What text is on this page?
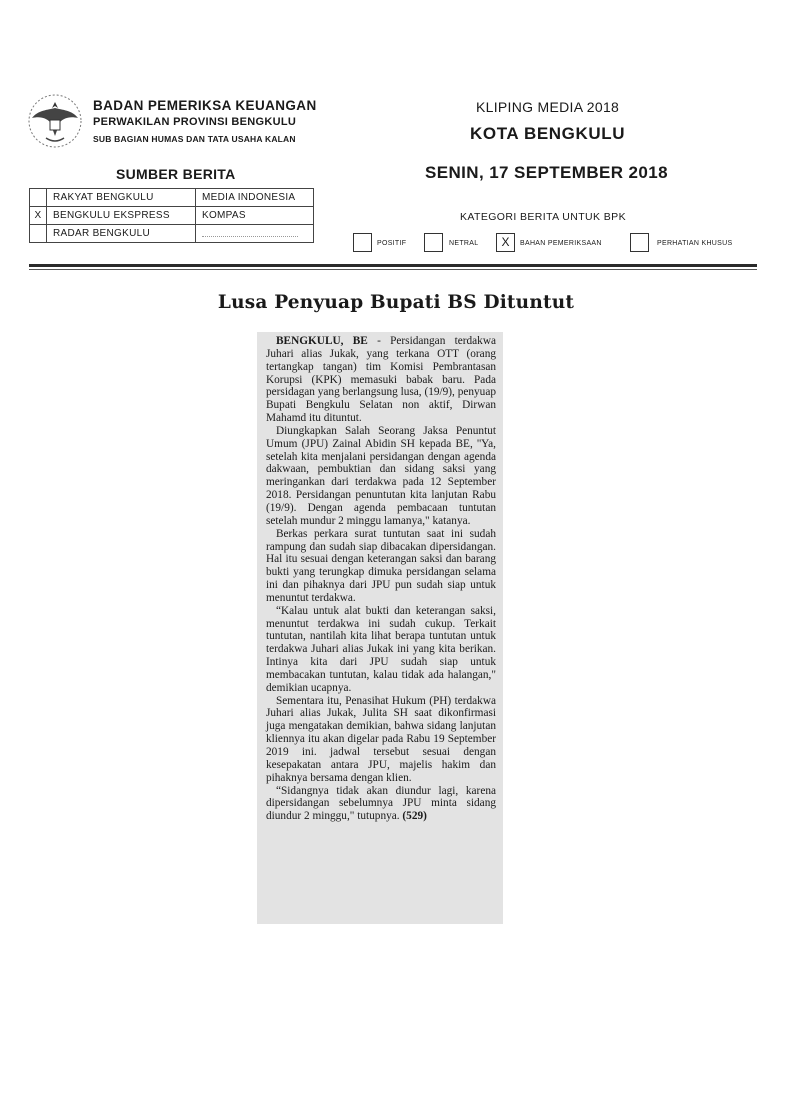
BADAN PEMERIKSA KEUANGAN
PERWAKILAN PROVINSI BENGKULU
SUB BAGIAN HUMAS DAN TATA USAHA KALAN
KLIPING MEDIA 2018
KOTA BENGKULU
SUMBER BERITA	SENIN, 17 SEPTEMBER 2018
	RAKYAT BENGKULU	MEDIA INDONESIA
X	BENGKULU EKSPRESS	KOMPAS
	RADAR BENGKULU	
KATEGORI BERITA UNTUK BPK
POSITIF	NETRAL	X	BAHAN PEMERIKSAAN	PERHATIAN KHUSUS
Lusa Penyuap Bupati BS Dituntut

BENGKULU, BE - Persidangan terdakwa Juhari alias Jukak, yang terkana OTT (orang tertangkap tangan) tim Komisi Pembrantasan Korupsi (KPK) memasuki babak baru. Pada persidagan yang berlangsung lusa, (19/9), penyuap Bupati Bengkulu Selatan non aktif, Dirwan Mahamd itu dituntut.

Diungkapkan Salah Seorang Jaksa Penuntut Umum (JPU) Zainal Abidin SH kepada BE, ''Ya, setelah kita menjalani persidangan dengan agenda dakwaan, pembuktian dan sidang saksi yang meringankan dari terdakwa pada 12 September 2018. Persidangan penuntutan kita lanjutan Rabu (19/9). Dengan agenda pembacaan tuntutan setelah mundur 2 minggu lamanya," katanya.

Berkas perkara surat tuntutan saat ini sudah rampung dan sudah siap dibacakan dipersidangan. Hal itu sesuai dengan keterangan saksi dan barang bukti yang terungkap dimuka persidangan selama ini dan pihaknya dari JPU pun sudah siap untuk menuntut terdakwa.

“Kalau untuk alat bukti dan keterangan saksi, menuntut terdakwa ini sudah cukup. Terkait tuntutan, nantilah kita lihat berapa tuntutan untuk terdakwa Juhari alias Jukak ini yang kita berikan. Intinya kita dari JPU sudah siap untuk membacakan tuntutan, kalau tidak ada halangan," demikian ucapnya.

Sementara itu, Penasihat Hukum (PH) terdakwa Juhari alias Jukak, Julita SH saat dikonfirmasi juga mengatakan demikian, bahwa sidang lanjutan kliennya itu akan digelar pada Rabu 19 September 2019 ini. jadwal tersebut sesuai dengan kesepakatan antara JPU, majelis hakim dan pihaknya bersama dengan klien.

“Sidangnya tidak akan diundur lagi, karena dipersidangan sebelumnya JPU minta sidang diundur 2 minggu," tutupnya. (529)
